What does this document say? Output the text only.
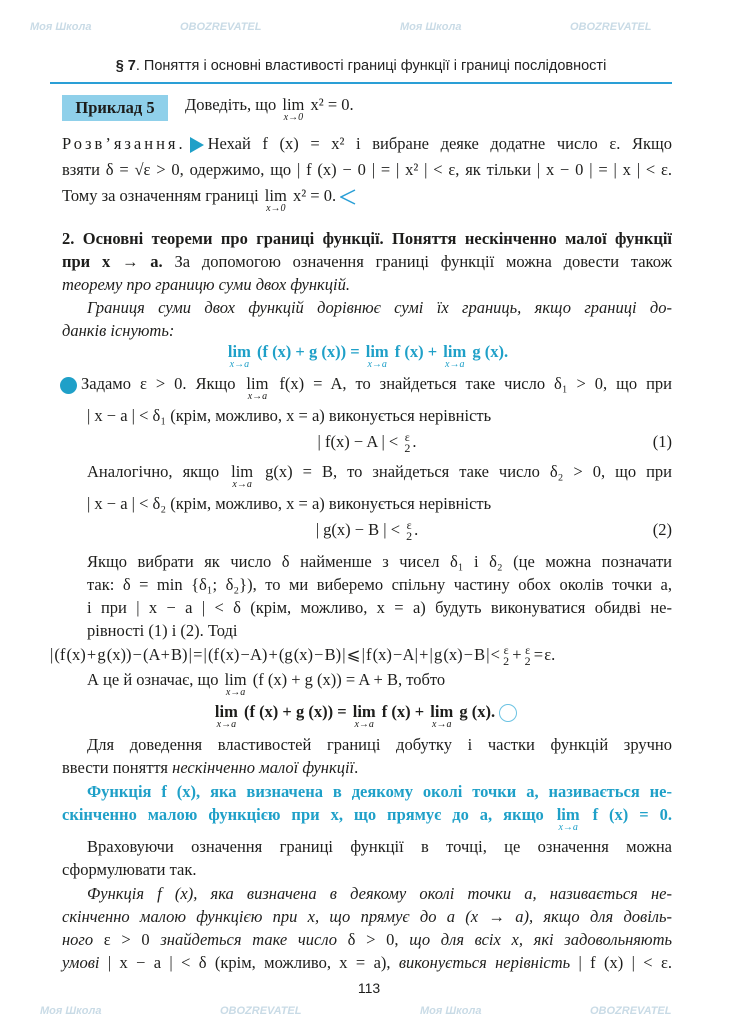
§ 7. Поняття і основні властивості границі функції і границі послідовності
Приклад 5	Доведіть, що lim
x→0
x² = 0.
Розв’язання. Нехай f (x) = x² і вибране деяке додатне число ε. Якщо
взяти δ = √ε > 0, одержимо, що | f (x) − 0 | = | x² | < ε, як тільки | x − 0 | = | x | < ε.
Тому за означенням границі lim
x→0
x² = 0.
2. Основні теореми про границі функції. Поняття нескінченно малої функції
при x → a. За допомогою означення границі функції можна довести також
теорему про границю суми двох функцій.
Границя суми двох функцій дорівнює сумі їх границь, якщо границі до-
данків існують:
lim
x→a
(f (x) + g (x)) = lim
x→a
f (x) + lim
x→a
g (x).
Задамо ε > 0. Якщо lim
x→a
f(x) = A, то знайдеться таке число δ₁ > 0, що при
| x − a | < δ₁ (крім, можливо, x = a) виконується нерівність
| f(x) − A | < ε
2 .	(1)
Аналогічно, якщо lim
x→a
g(x) = B, то знайдеться таке число δ₂ > 0, що при
| x − a | < δ₂ (крім, можливо, x = a) виконується нерівність
| g(x) − B | < ε
2 .	(2)
Якщо вибрати як число δ найменше з чисел δ₁ і δ₂ (це можна позначати
так: δ = min {δ₁; δ₂}), то ми виберемо спільну частину обох околів точки a,
і при | x − a | < δ (крім, можливо, x = a) будуть виконуватися обидві не-
рівності (1) і (2). Тоді
| (f (x) + g (x)) − (A + B) | = | (f (x) − A) + (g (x) − B) | ⩽ | f (x) − A | + | g (x) − B | < ε
2 + ε
2 = ε.
А це й означає, що lim
x→a
(f (x) + g (x)) = A + B, тобто
lim
x→a
(f (x) + g (x)) = lim
x→a
f (x) + lim
x→a
g (x).
Для доведення властивостей границі добутку і частки функцій зручно
ввести поняття нескінченно малої функції.
Функція f (x), яка визначена в деякому околі точки a, називається не-
скінченно малою функцією при x, що прямує до a, якщо lim
x→a
f (x) = 0.
Враховуючи означення границі функції в точці, це означення можна
сформулювати так.
Функція f (x), яка визначена в деякому околі точки a, називається не-
скінченно малою функцією при x, що прямує до a (x → a), якщо для довіль-
ного ε > 0 знайдеться таке число δ > 0, що для всіх x, які задовольняють
умові | x − a | < δ (крім, можливо, x = a), виконується нерівність | f (x) | < ε.
113
Моя Школа	OBOZREVATEL	Моя Школа	OBOZREVATEL
Моя Школа	OBOZREVATEL	Моя Школа	OBOZREVATEL
